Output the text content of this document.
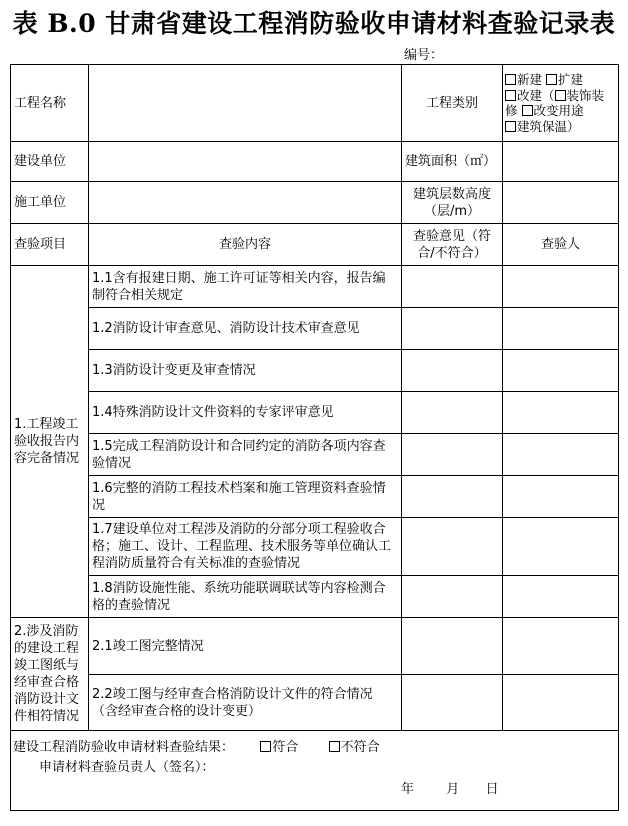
表 B.0 甘肃省建设工程消防验收申请材料查验记录表
编号：
工程名称		工程类别	新建 扩建
改建（ 装饰装修 改变用途
建筑保温）
建设单位		建筑面积（㎡）	
施工单位		建筑层数高度（层/m）	
查验项目	查验内容	查验意见（符合/不符合）	查验人
1.工程竣工验收报告内容完备情况	1.1含有报建日期、施工许可证等相关内容，报告编制符合相关规定		
	1.2消防设计审查意见、消防设计技术审查意见		
	1.3消防设计变更及审查情况		
	1.4特殊消防设计文件资料的专家评审意见		
	1.5完成工程消防设计和合同约定的消防各项内容查验情况		
	1.6完整的消防工程技术档案和施工管理资料查验情况		
	1.7建设单位对工程涉及消防的分部分项工程验收合格；施工、设计、工程监理、技术服务等单位确认工程消防质量符合有关标准的查验情况		
	1.8消防设施性能、系统功能联调联试等内容检测合格的查验情况		
2.涉及消防的建设工程竣工图纸与经审查合格消防设计文件相符情况	2.1竣工图完整情况		
	2.2竣工图与经审查合格消防设计文件的符合情况（含经审查合格的设计变更）		

建设工程消防验收申请材料查验结果： 符合 不符合
申请材料查验员责人（签名）：
年 月 日			
